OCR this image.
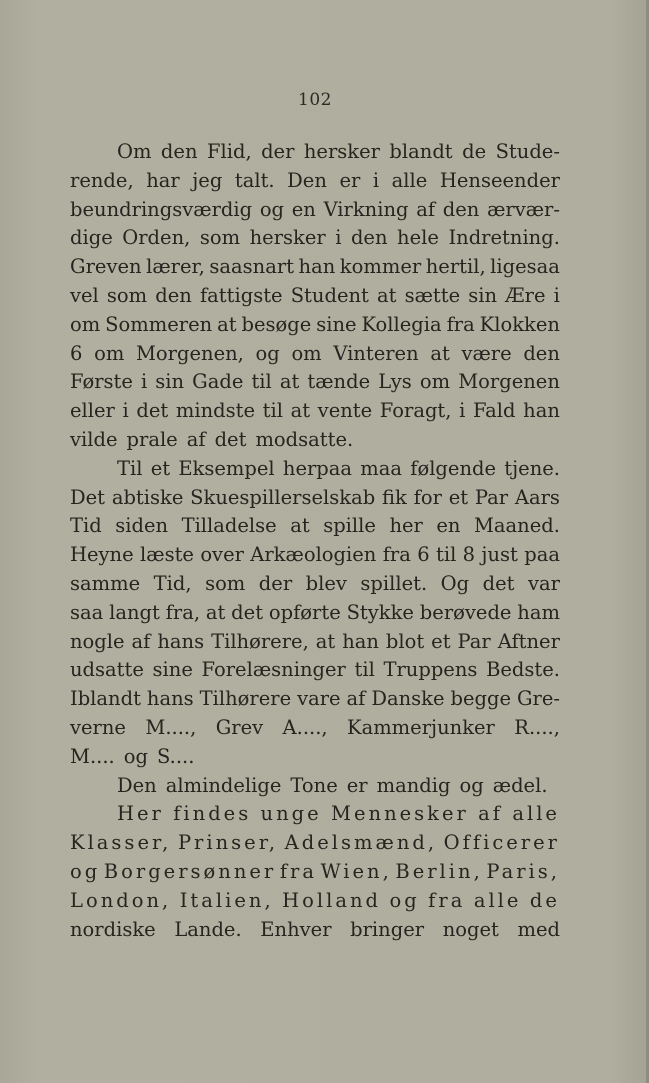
102
Om den Flid, der hersker blandt de Stude-
rende, har jeg talt. Den er i alle Henseender
beundringsværdig og en Virkning af den ærvær-
dige Orden, som hersker i den hele Indretning.
Greven lærer, saasnart han kommer hertil, ligesaa
vel som den fattigste Student at sætte sin Ære i
om Sommeren at besøge sine Kollegia fra Klokken
6 om Morgenen, og om Vinteren at være den
Første i sin Gade til at tænde Lys om Morgenen
eller i det mindste til at vente Foragt, i Fald han
vilde prale af det modsatte.
Til et Eksempel herpaa maa følgende tjene.
Det abtiske Skuespillerselskab fik for et Par Aars
Tid siden Tilladelse at spille her en Maaned.
Heyne læste over Arkæologien fra 6 til 8 just paa
samme Tid, som der blev spillet. Og det var
saa langt fra, at det opførte Stykke berøvede ham
nogle af hans Tilhørere, at han blot et Par Aftner
udsatte sine Forelæsninger til Truppens Bedste.
Iblandt hans Tilhørere vare af Danske begge Gre-
verne M...., Grev A...., Kammerjunker R....,
M.... og S....
Den almindelige Tone er mandig og ædel.
Her findes unge Mennesker af alle
Klasser, Prinser, Adelsmænd, Officerer
og Borgersønner fra Wien, Berlin, Paris,
London, Italien, Holland og fra alle de
nordiske Lande. Enhver bringer noget med
